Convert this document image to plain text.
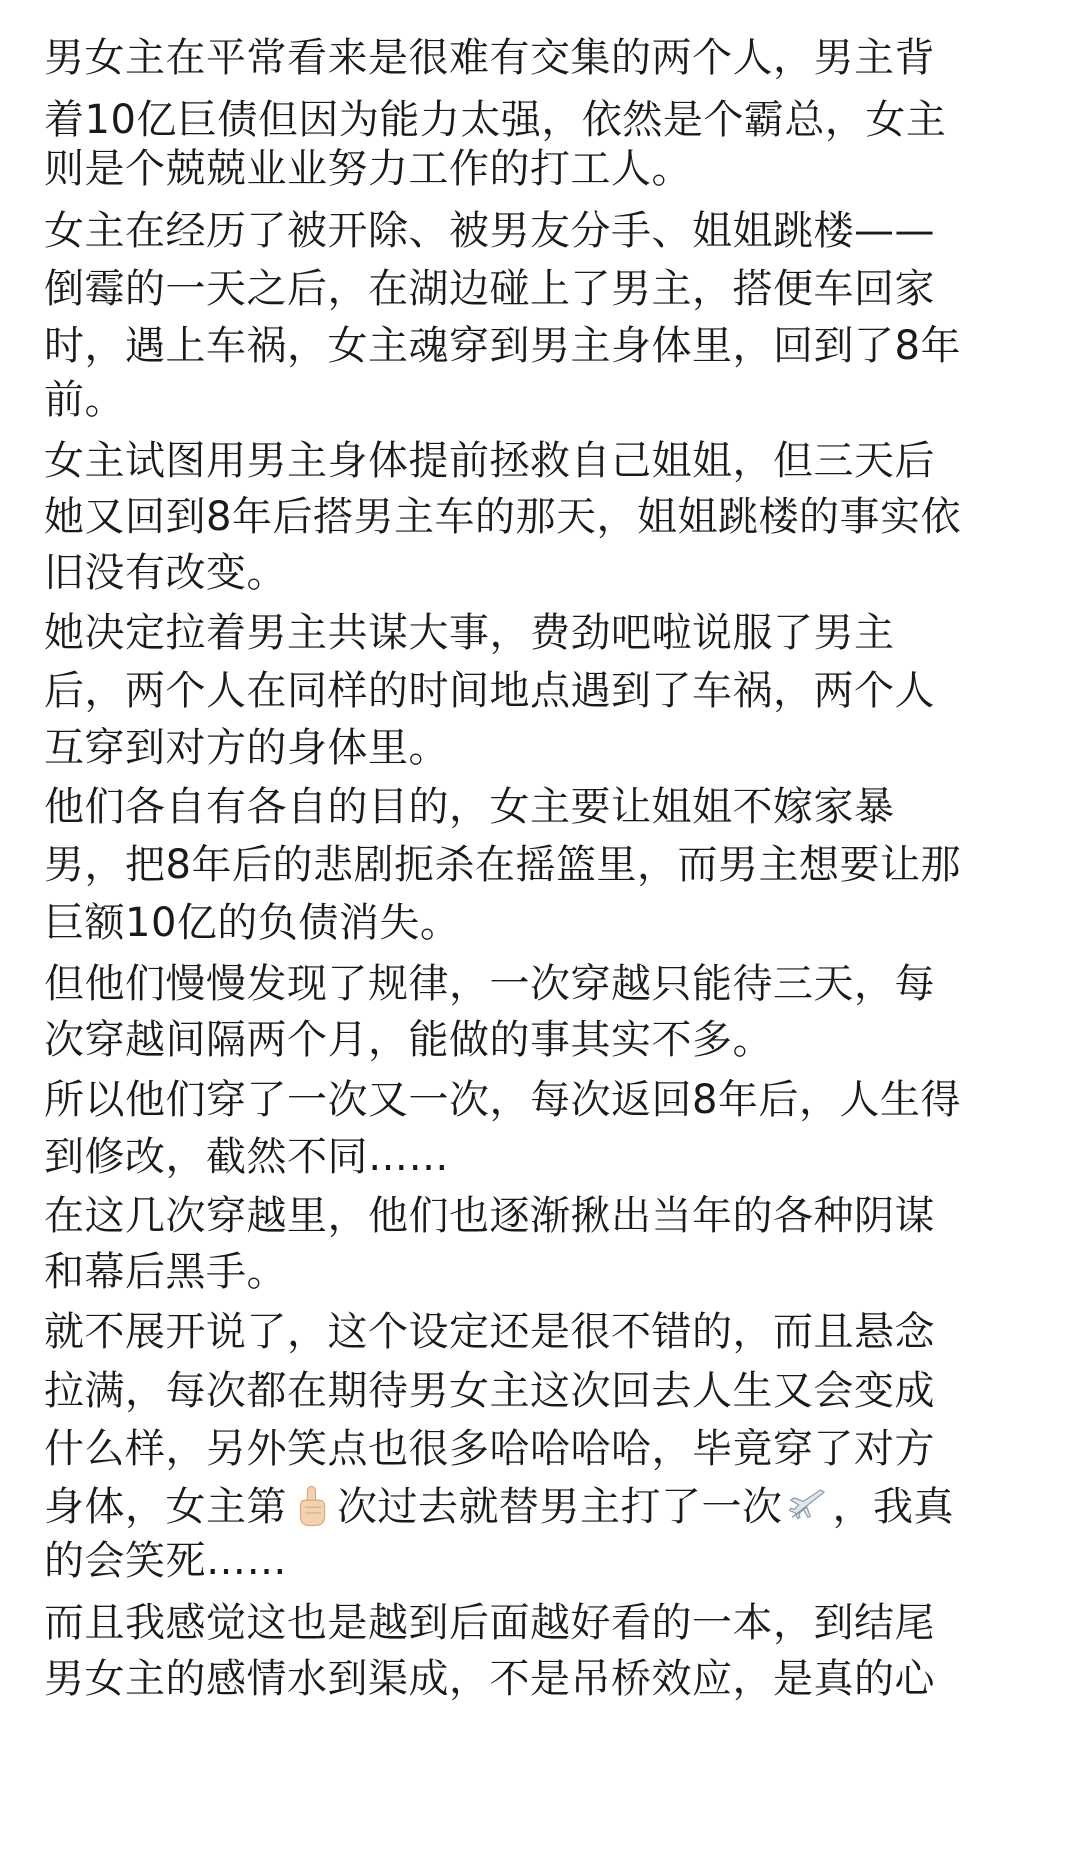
男女主在平常看来是很难有交集的两个人，男主背
着10亿巨债但因为能力太强，依然是个霸总，女主
则是个兢兢业业努力工作的打工人。
女主在经历了被开除、被男友分手、姐姐跳楼——
倒霉的一天之后，在湖边碰上了男主，搭便车回家
时，遇上车祸，女主魂穿到男主身体里，回到了8年
前。
女主试图用男主身体提前拯救自己姐姐，但三天后
她又回到8年后搭男主车的那天，姐姐跳楼的事实依
旧没有改变。
她决定拉着男主共谋大事，费劲吧啦说服了男主
后，两个人在同样的时间地点遇到了车祸，两个人
互穿到对方的身体里。
他们各自有各自的目的，女主要让姐姐不嫁家暴
男，把8年后的悲剧扼杀在摇篮里，而男主想要让那
巨额10亿的负债消失。
但他们慢慢发现了规律，一次穿越只能待三天，每
次穿越间隔两个月，能做的事其实不多。
所以他们穿了一次又一次，每次返回8年后，人生得
到修改，截然不同……
在这几次穿越里，他们也逐渐揪出当年的各种阴谋
和幕后黑手。
就不展开说了，这个设定还是很不错的，而且悬念
拉满，每次都在期待男女主这次回去人生又会变成
什么样，另外笑点也很多哈哈哈哈，毕竟穿了对方
身体，女主第 次过去就替男主打了一次 ，我真
的会笑死……
而且我感觉这也是越到后面越好看的一本，到结尾
男女主的感情水到渠成，不是吊桥效应，是真的心
